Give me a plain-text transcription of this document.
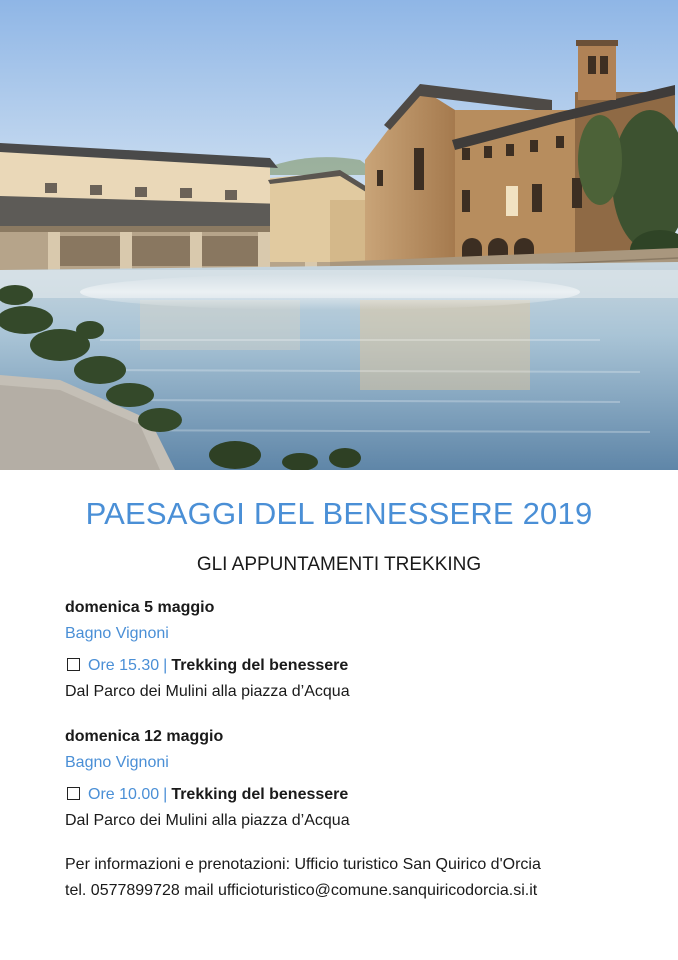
PAESAGGI DEL BENESSERE 2019
GLI APPUNTAMENTI TREKKING
domenica 5 maggio
Bagno Vignoni
Ore 15.30 | Trekking del benessere
Dal Parco dei Mulini alla piazza d’Acqua
domenica 12 maggio
Bagno Vignoni
Ore 10.00 | Trekking del benessere
Dal Parco dei Mulini alla piazza d’Acqua
Per informazioni e prenotazioni: Ufficio turistico San Quirico d'Orcia
tel. 0577899728 mail ufficioturistico@comune.sanquiricodorcia.si.it
